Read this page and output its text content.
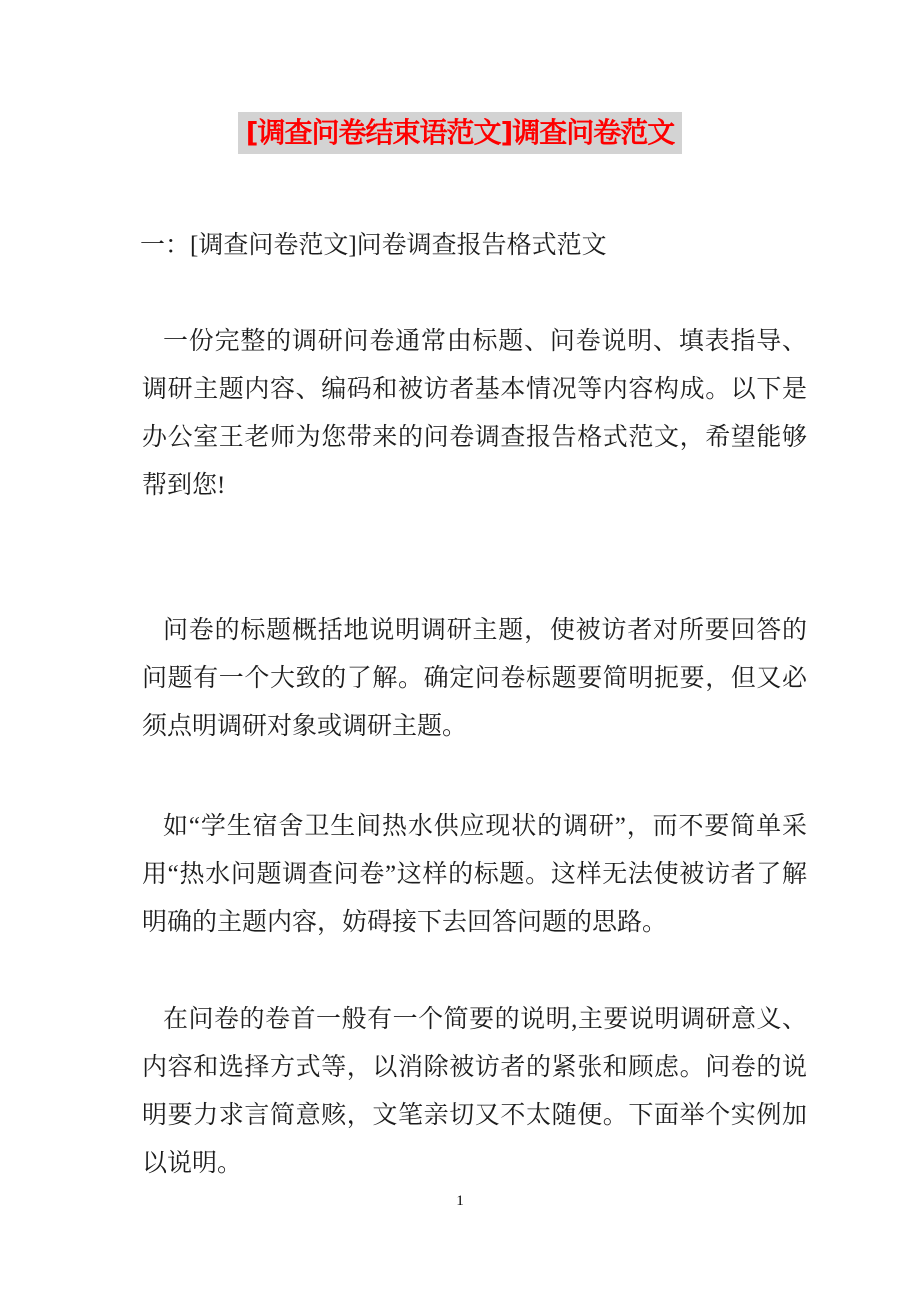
[调查问卷结束语范文]调查问卷范文
一：[调查问卷范文]问卷调查报告格式范文
一份完整的调研问卷通常由标题、问卷说明、填表指导、调研主题内容、编码和被访者基本情况等内容构成。以下是办公室王老师为您带来的问卷调查报告格式范文，希望能够帮到您!
问卷的标题概括地说明调研主题，使被访者对所要回答的问题有一个大致的了解。确定问卷标题要简明扼要，但又必须点明调研对象或调研主题。
如“学生宿舍卫生间热水供应现状的调研”，而不要简单采用“热水问题调查问卷”这样的标题。这样无法使被访者了解明确的主题内容，妨碍接下去回答问题的思路。
在问卷的卷首一般有一个简要的说明,主要说明调研意义、内容和选择方式等，以消除被访者的紧张和顾虑。问卷的说明要力求言简意赅，文笔亲切又不太随便。下面举个实例加以说明。
1
